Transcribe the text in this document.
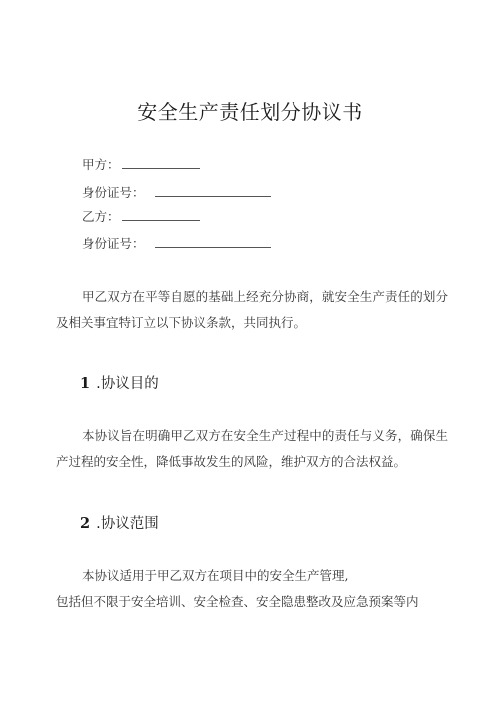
安全生产责任划分协议书
甲方：
身份证号：
乙方：
身份证号：
甲乙双方在平等自愿的基础上经充分协商，就安全生产责任的划分及相关事宜特订立以下协议条款，共同执行。
1 .协议目的
本协议旨在明确甲乙双方在安全生产过程中的责任与义务，确保生产过程的安全性，降低事故发生的风险，维护双方的合法权益。
2 .协议范围
本协议适用于甲乙双方在项目中的安全生产管理,
包括但不限于安全培训、安全检查、安全隐患整改及应急预案等内
